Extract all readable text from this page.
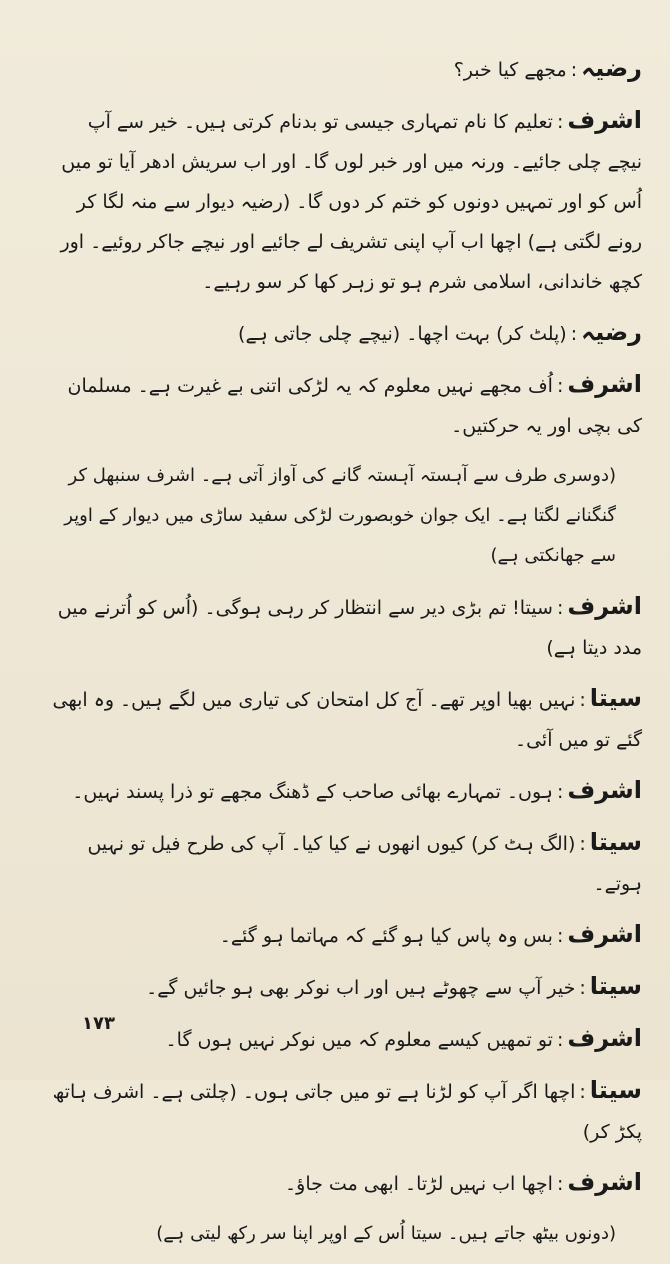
رضیہ:مجھے کیا خبر؟

اشرف:تعلیم کا نام تمہاری جیسی تو بدنام کرتی ہیں۔ خیر سے آپ نیچے چلی جائیے۔ ورنہ میں اور خبر لوں گا۔ اور اب سریش ادھر آیا تو میں اُس کو اور تمہیں دونوں کو ختم کر دوں گا۔ (رضیہ دیوار سے منہ لگا کر رونے لگتی ہے) اچھا اب آپ اپنی تشریف لے جائیے اور نیچے جاکر روئیے۔ اور کچھ خاندانی، اسلامی شرم ہو تو زہر کھا کر سو رہیے۔

رضیہ:(پلٹ کر) بہت اچھا۔ (نیچے چلی جاتی ہے)

اشرف:اُف مجھے نہیں معلوم کہ یہ لڑکی اتنی بے غیرت ہے۔ مسلمان کی بچی اور یہ حرکتیں۔

(دوسری طرف سے آہستہ آہستہ گانے کی آواز آتی ہے۔ اشرف سنبھل کر گنگنانے لگتا ہے۔ ایک جوان خوبصورت لڑکی سفید ساڑی میں دیوار کے اوپر سے جھانکتی ہے)

اشرف:سیتا! تم بڑی دیر سے انتظار کر رہی ہوگی۔ (اُس کو اُترنے میں مدد دیتا ہے)

سیتا:نہیں بھیا اوپر تھے۔ آج کل امتحان کی تیاری میں لگے ہیں۔ وہ ابھی گئے تو میں آئی۔

اشرف:ہوں۔ تمہارے بھائی صاحب کے ڈھنگ مجھے تو ذرا پسند نہیں۔

سیتا:(الگ ہٹ کر) کیوں انھوں نے کیا کیا۔ آپ کی طرح فیل تو نہیں ہوتے۔

اشرف:بس وہ پاس کیا ہو گئے کہ مہاتما ہو گئے۔

سیتا:خیر آپ سے چھوٹے ہیں اور اب نوکر بھی ہو جائیں گے۔

اشرف:تو تمھیں کیسے معلوم کہ میں نوکر نہیں ہوں گا۔

سیتا:اچھا اگر آپ کو لڑنا ہے تو میں جاتی ہوں۔ (چلتی ہے۔ اشرف ہاتھ پکڑ کر)

اشرف:اچھا اب نہیں لڑتا۔ ابھی مت جاؤ۔

(دونوں بیٹھ جاتے ہیں۔ سیتا اُس کے اوپر اپنا سر رکھ لیتی ہے)

۱۷۳
